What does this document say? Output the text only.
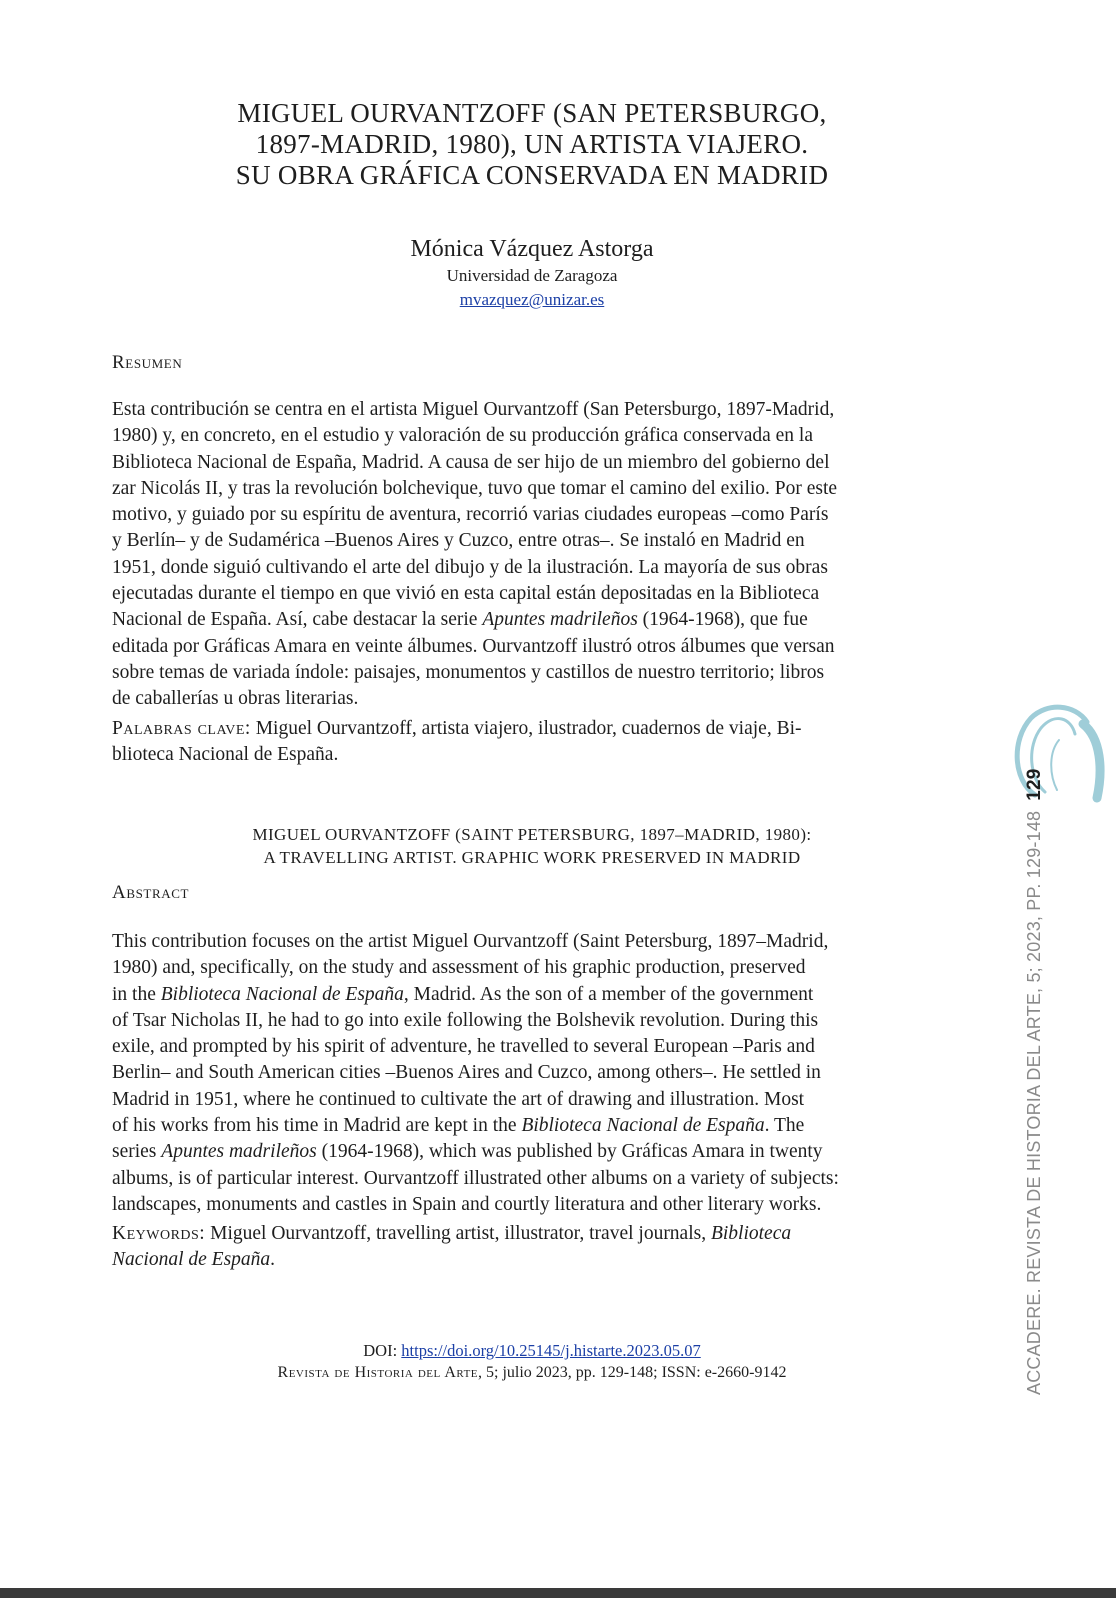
MIGUEL OURVANTZOFF (SAN PETERSBURGO,
1897-MADRID, 1980), UN ARTISTA VIAJERO.
SU OBRA GRÁFICA CONSERVADA EN MADRID
Mónica Vázquez Astorga
Universidad de Zaragoza
mvazquez@unizar.es
Resumen
Esta contribución se centra en el artista Miguel Ourvantzoff (San Petersburgo, 1897-Madrid,
1980) y, en concreto, en el estudio y valoración de su producción gráfica conservada en la
Biblioteca Nacional de España, Madrid. A causa de ser hijo de un miembro del gobierno del
zar Nicolás II, y tras la revolución bolchevique, tuvo que tomar el camino del exilio. Por este
motivo, y guiado por su espíritu de aventura, recorrió varias ciudades europeas –como París
y Berlín– y de Sudamérica –Buenos Aires y Cuzco, entre otras–. Se instaló en Madrid en
1951, donde siguió cultivando el arte del dibujo y de la ilustración. La mayoría de sus obras
ejecutadas durante el tiempo en que vivió en esta capital están depositadas en la Biblioteca
Nacional de España. Así, cabe destacar la serie Apuntes madrileños (1964-1968), que fue
editada por Gráficas Amara en veinte álbumes. Ourvantzoff ilustró otros álbumes que versan
sobre temas de variada índole: paisajes, monumentos y castillos de nuestro territorio; libros
de caballerías u obras literarias.
Palabras clave: Miguel Ourvantzoff, artista viajero, ilustrador, cuadernos de viaje, Bi-
blioteca Nacional de España.
MIGUEL OURVANTZOFF (SAINT PETERSBURG, 1897–MADRID, 1980):
A TRAVELLING ARTIST. GRAPHIC WORK PRESERVED IN MADRID
Abstract
This contribution focuses on the artist Miguel Ourvantzoff (Saint Petersburg, 1897–Madrid,
1980) and, specifically, on the study and assessment of his graphic production, preserved
in the Biblioteca Nacional de España, Madrid. As the son of a member of the government
of Tsar Nicholas II, he had to go into exile following the Bolshevik revolution. During this
exile, and prompted by his spirit of adventure, he travelled to several European –Paris and
Berlin– and South American cities –Buenos Aires and Cuzco, among others–. He settled in
Madrid in 1951, where he continued to cultivate the art of drawing and illustration. Most
of his works from his time in Madrid are kept in the Biblioteca Nacional de España. The
series Apuntes madrileños (1964-1968), which was published by Gráficas Amara in twenty
albums, is of particular interest. Ourvantzoff illustrated other albums on a variety of subjects:
landscapes, monuments and castles in Spain and courtly literatura and other literary works.
Keywords: Miguel Ourvantzoff, travelling artist, illustrator, travel journals, Biblioteca
Nacional de España.
DOI: https://doi.org/10.25145/j.histarte.2023.05.07
Revista de Historia del Arte, 5; julio 2023, pp. 129-148; ISSN: e-2660-9142	ACCADERE. REVISTA DE HISTORIA DEL ARTE, 5; 2023, PP. 129-148129
